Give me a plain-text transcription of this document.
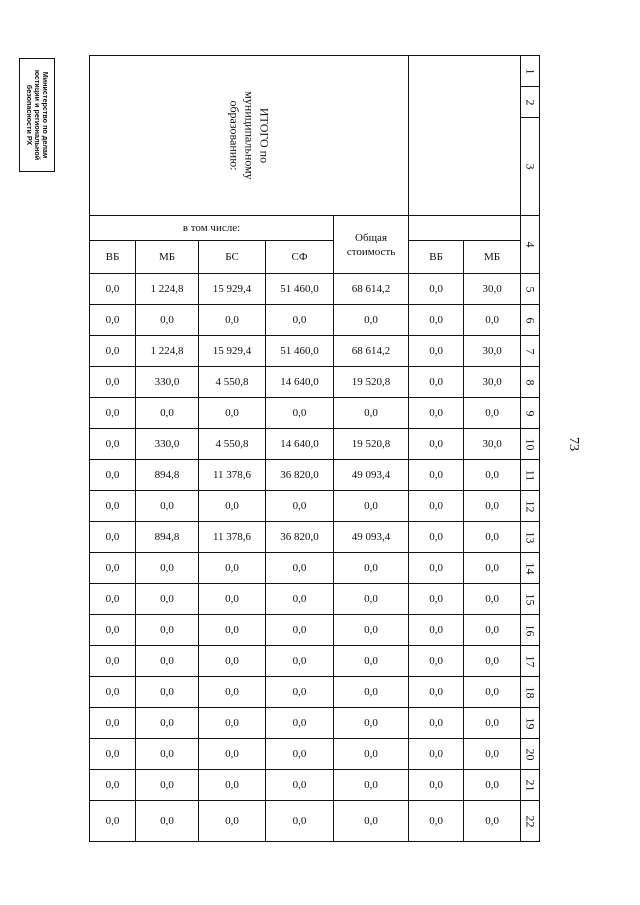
Министерство по делам юстиции и региональной безопасности РХ
73
ИТОГО по муниципальному образованию:							1
							2
							3
в том числе:				Общая стоимость			4
ВБ	МБ	БС	СФ		ВБ	МБ	
0,0	1 224,8	15 929,4	51 460,0	68 614,2	0,0	30,0	5
0,0	0,0	0,0	0,0	0,0	0,0	0,0	6
0,0	1 224,8	15 929,4	51 460,0	68 614,2	0,0	30,0	7
0,0	330,0	4 550,8	14 640,0	19 520,8	0,0	30,0	8
0,0	0,0	0,0	0,0	0,0	0,0	0,0	9
0,0	330,0	4 550,8	14 640,0	19 520,8	0,0	30,0	10
0,0	894,8	11 378,6	36 820,0	49 093,4	0,0	0,0	11
0,0	0,0	0,0	0,0	0,0	0,0	0,0	12
0,0	894,8	11 378,6	36 820,0	49 093,4	0,0	0,0	13
0,0	0,0	0,0	0,0	0,0	0,0	0,0	14
0,0	0,0	0,0	0,0	0,0	0,0	0,0	15
0,0	0,0	0,0	0,0	0,0	0,0	0,0	16
0,0	0,0	0,0	0,0	0,0	0,0	0,0	17
0,0	0,0	0,0	0,0	0,0	0,0	0,0	18
0,0	0,0	0,0	0,0	0,0	0,0	0,0	19
0,0	0,0	0,0	0,0	0,0	0,0	0,0	20
0,0	0,0	0,0	0,0	0,0	0,0	0,0	21
0,0	0,0	0,0	0,0	0,0	0,0	0,0	22
